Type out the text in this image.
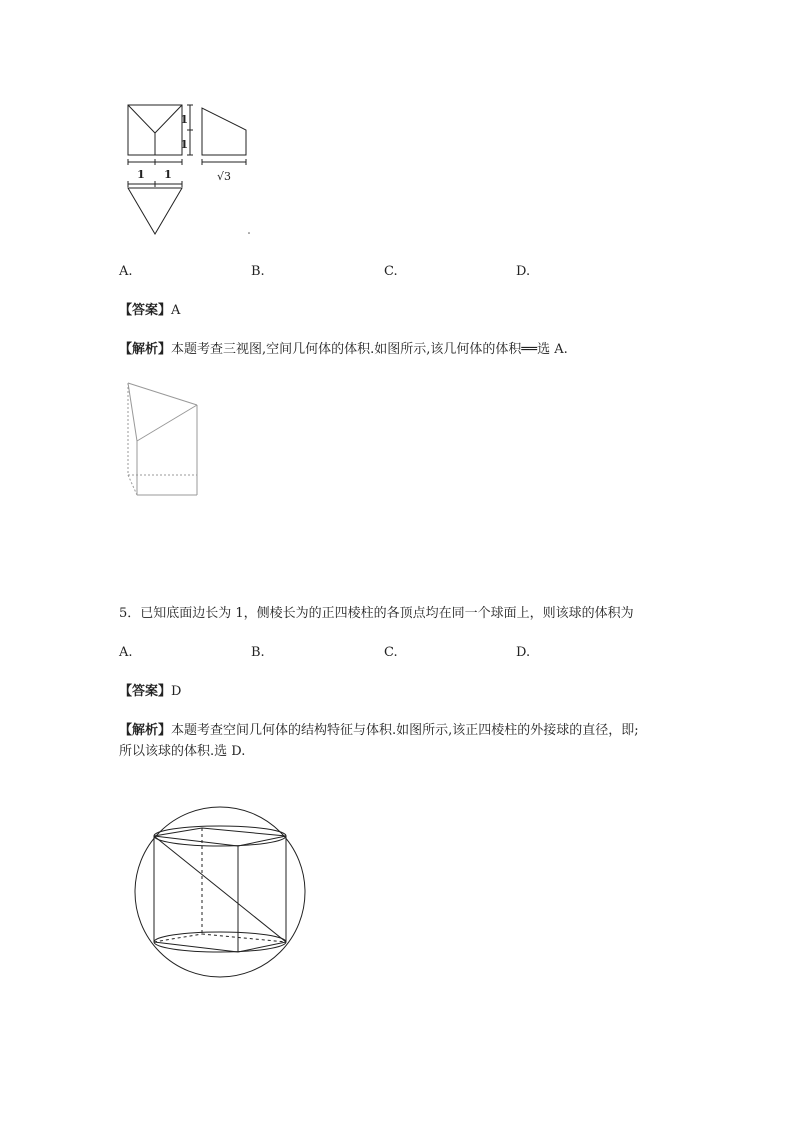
1
1
√3
1 1
A.	B.	C.	D.
【答案】A
【解析】本题考查三视图,空间几何体的体积.如图所示,该几何体的体积══选 A.
5．已知底面边长为 1，侧棱长为的正四棱柱的各顶点均在同一个球面上，则该球的体积为
A.	B.	C.	D.
【答案】D
【解析】本题考查空间几何体的结构特征与体积.如图所示,该正四棱柱的外接球的直径，即;
所以该球的体积.选 D.
